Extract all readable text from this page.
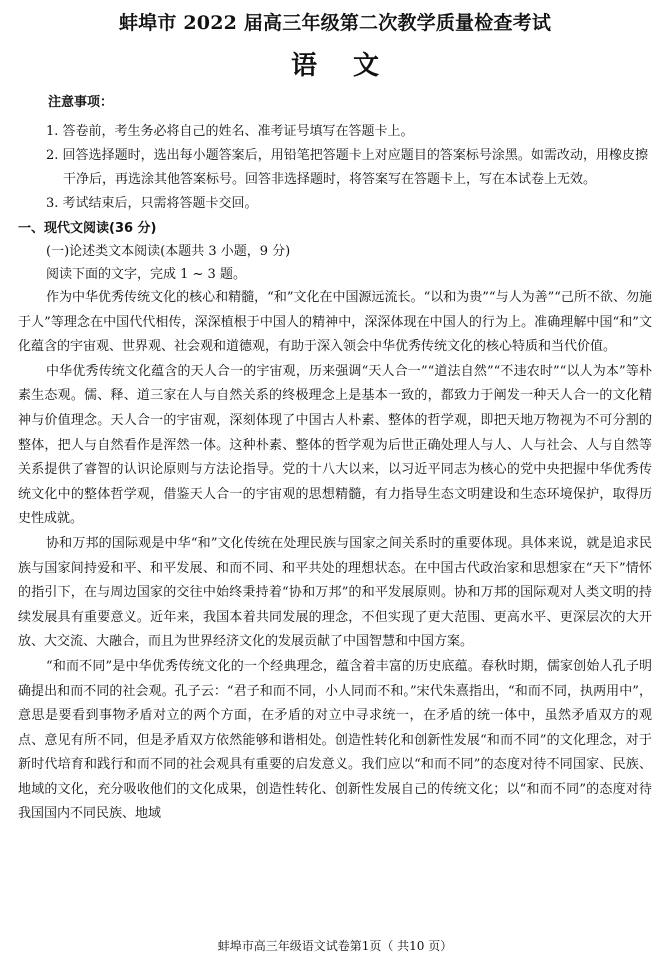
蚌埠市 2022 届高三年级第二次教学质量检查考试
语文
注意事项：
1. 答卷前，考生务必将自己的姓名、准考证号填写在答题卡上。
2. 回答选择题时，选出每小题答案后，用铅笔把答题卡上对应题目的答案标号涂黑。如需改动，用橡皮擦干净后，再选涂其他答案标号。回答非选择题时，将答案写在答题卡上，写在本试卷上无效。
3. 考试结束后，只需将答题卡交回。
一、现代文阅读(36 分)
(一)论述类文本阅读(本题共 3 小题，9 分)
阅读下面的文字，完成 1 ~ 3 题。

作为中华优秀传统文化的核心和精髓，“和”文化在中国源远流长。“以和为贵”“与人为善”“己所不欲、勿施于人”等理念在中国代代相传，深深植根于中国人的精神中，深深体现在中国人的行为上。准确理解中国“和”文化蕴含的宇宙观、世界观、社会观和道德观，有助于深入领会中华优秀传统文化的核心特质和当代价值。

中华优秀传统文化蕴含的天人合一的宇宙观，历来强调“天人合一”“道法自然”“不违农时”“以人为本”等朴素生态观。儒、释、道三家在人与自然关系的终极理念上是基本一致的，都致力于阐发一种天人合一的文化精神与价值理念。天人合一的宇宙观，深刻体现了中国古人朴素、整体的哲学观，即把天地万物视为不可分割的整体，把人与自然看作是浑然一体。这种朴素、整体的哲学观为后世正确处理人与人、人与社会、人与自然等关系提供了睿智的认识论原则与方法论指导。党的十八大以来，以习近平同志为核心的党中央把握中华优秀传统文化中的整体哲学观，借鉴天人合一的宇宙观的思想精髓，有力指导生态文明建设和生态环境保护，取得历史性成就。

协和万邦的国际观是中华“和”文化传统在处理民族与国家之间关系时的重要体现。具体来说，就是追求民族与国家间持爱和平、和平发展、和而不同、和平共处的理想状态。在中国古代政治家和思想家在“天下”情怀的指引下，在与周边国家的交往中始终秉持着“协和万邦”的和平发展原则。协和万邦的国际观对人类文明的持续发展具有重要意义。近年来，我国本着共同发展的理念，不但实现了更大范围、更高水平、更深层次的大开放、大交流、大融合，而且为世界经济文化的发展贡献了中国智慧和中国方案。

“和而不同”是中华优秀传统文化的一个经典理念，蕴含着丰富的历史底蕴。春秋时期，儒家创始人孔子明确提出和而不同的社会观。孔子云：“君子和而不同，小人同而不和。”宋代朱熹指出，“和而不同，执两用中”，意思是要看到事物矛盾对立的两个方面，在矛盾的对立中寻求统一，在矛盾的统一体中，虽然矛盾双方的观点、意见有所不同，但是矛盾双方依然能够和谐相处。创造性转化和创新性发展“和而不同”的文化理念，对于新时代培育和践行和而不同的社会观具有重要的启发意义。我们应以“和而不同”的态度对待不同国家、民族、地域的文化，充分吸收他们的文化成果，创造性转化、创新性发展自己的传统文化；以“和而不同”的态度对待我国国内不同民族、地域

蚌埠市高三年级语文试卷第1页（ 共10 页）
